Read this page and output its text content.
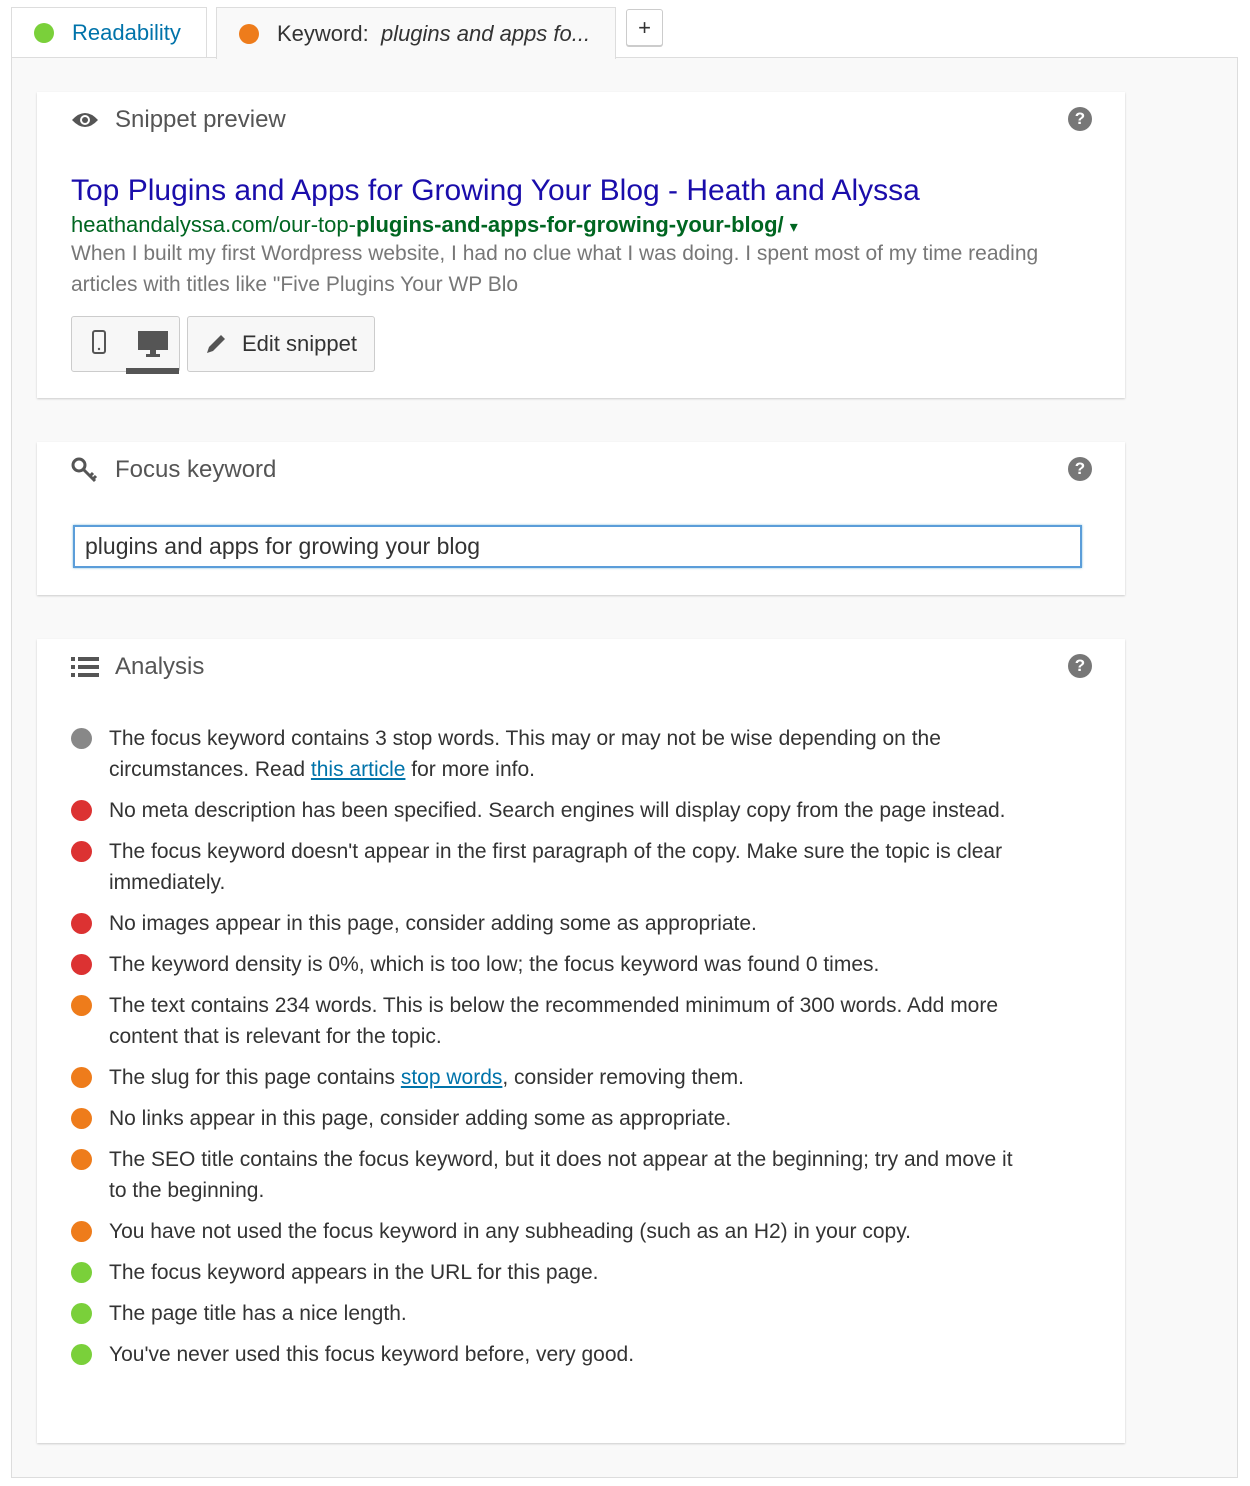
Readability	Keyword:  plugins and apps fo...	+
Snippet preview	?
Top Plugins and Apps for Growing Your Blog - Heath and Alyssa
heathandalyssa.com/our-top-plugins-and-apps-for-growing-your-blog/ ▾
When I built my first Wordpress website, I had no clue what I was doing. I spent most of my time reading articles with titles like "Five Plugins Your WP Blo
Edit snippet
Focus keyword	?
plugins and apps for growing your blog
Analysis	?
The focus keyword contains 3 stop words. This may or may not be wise depending on the circumstances. Read this article for more info.
No meta description has been specified. Search engines will display copy from the page instead.
The focus keyword doesn't appear in the first paragraph of the copy. Make sure the topic is clear immediately.
No images appear in this page, consider adding some as appropriate.
The keyword density is 0%, which is too low; the focus keyword was found 0 times.
The text contains 234 words. This is below the recommended minimum of 300 words. Add more content that is relevant for the topic.
The slug for this page contains stop words, consider removing them.
No links appear in this page, consider adding some as appropriate.
The SEO title contains the focus keyword, but it does not appear at the beginning; try and move it to the beginning.
You have not used the focus keyword in any subheading (such as an H2) in your copy.
The focus keyword appears in the URL for this page.
The page title has a nice length.
You've never used this focus keyword before, very good.
